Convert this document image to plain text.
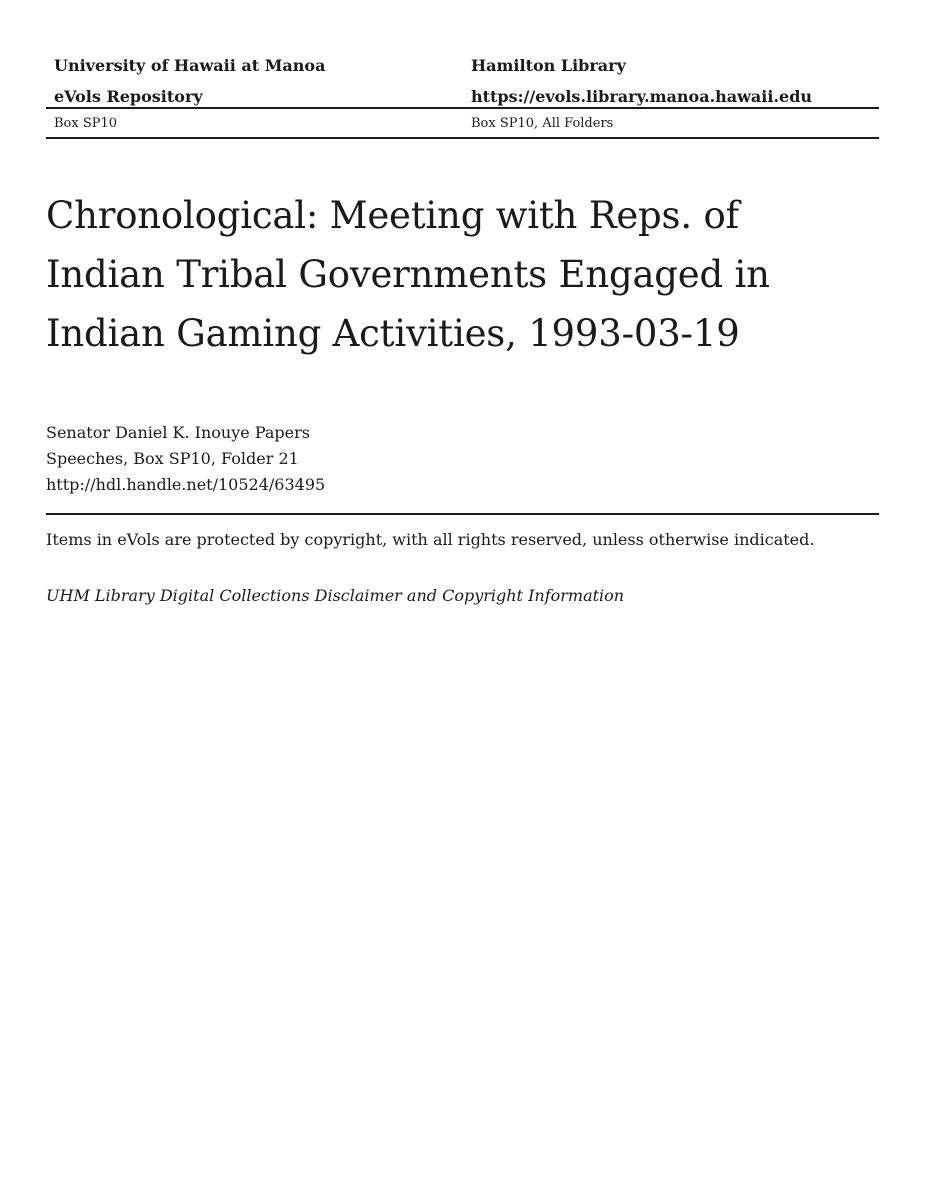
University of Hawaii at Manoa	Hamilton Library
eVols Repository	https://evols.library.manoa.hawaii.edu
Box SP10	Box SP10, All Folders
Chronological: Meeting with Reps. of Indian Tribal Governments Engaged in Indian Gaming Activities, 1993-03-19
Senator Daniel K. Inouye Papers
Speeches, Box SP10, Folder 21
http://hdl.handle.net/10524/63495
Items in eVols are protected by copyright, with all rights reserved, unless otherwise indicated.
UHM Library Digital Collections Disclaimer and Copyright Information
